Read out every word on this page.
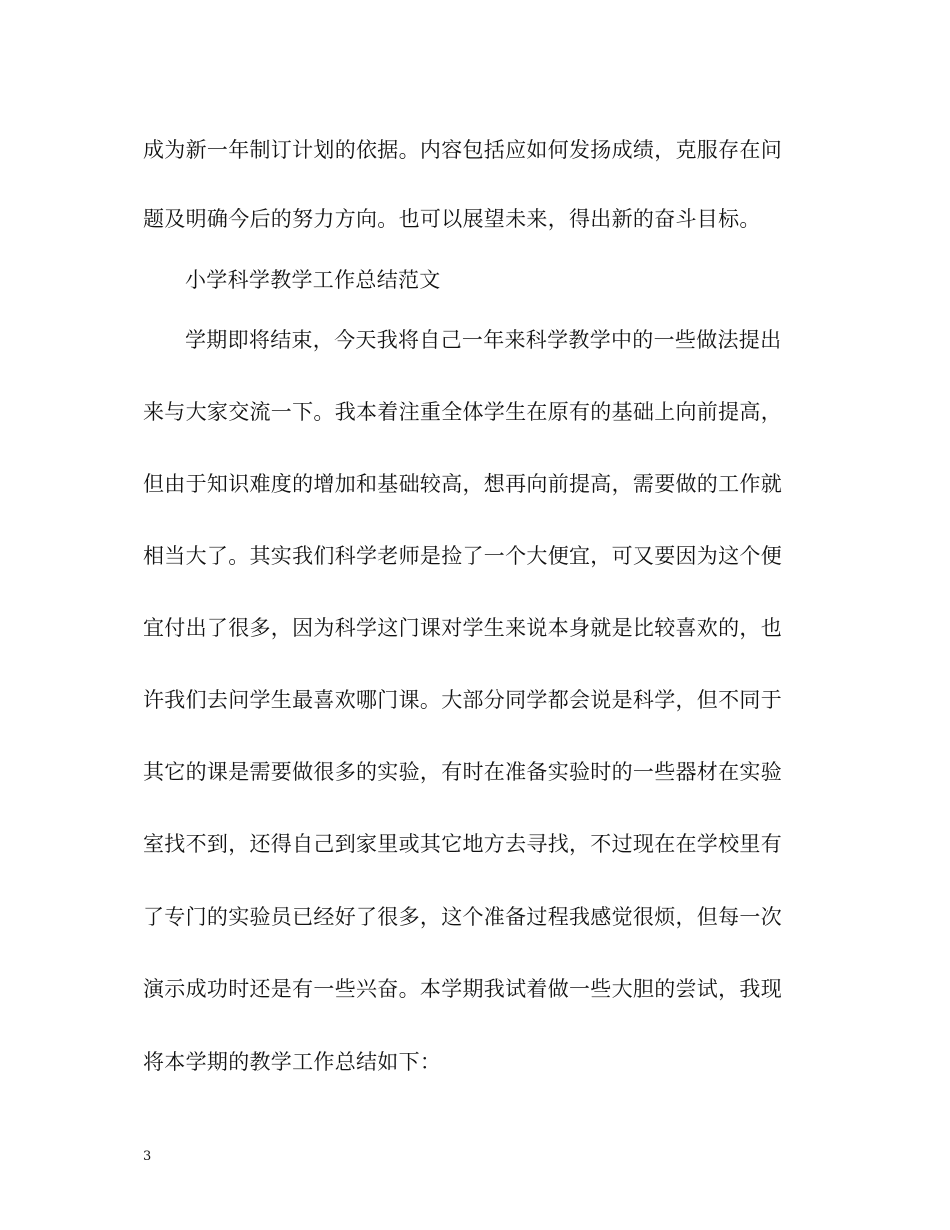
成为新一年制订计划的依据。内容包括应如何发扬成绩，克服存在问
题及明确今后的努力方向。也可以展望未来，得出新的奋斗目标。
小学科学教学工作总结范文
学期即将结束，今天我将自己一年来科学教学中的一些做法提出
来与大家交流一下。我本着注重全体学生在原有的基础上向前提高，
但由于知识难度的增加和基础较高，想再向前提高，需要做的工作就
相当大了。其实我们科学老师是捡了一个大便宜，可又要因为这个便
宜付出了很多，因为科学这门课对学生来说本身就是比较喜欢的，也
许我们去问学生最喜欢哪门课。大部分同学都会说是科学，但不同于
其它的课是需要做很多的实验，有时在准备实验时的一些器材在实验
室找不到，还得自己到家里或其它地方去寻找，不过现在在学校里有
了专门的实验员已经好了很多，这个准备过程我感觉很烦，但每一次
演示成功时还是有一些兴奋。本学期我试着做一些大胆的尝试，我现
将本学期的教学工作总结如下：
3
